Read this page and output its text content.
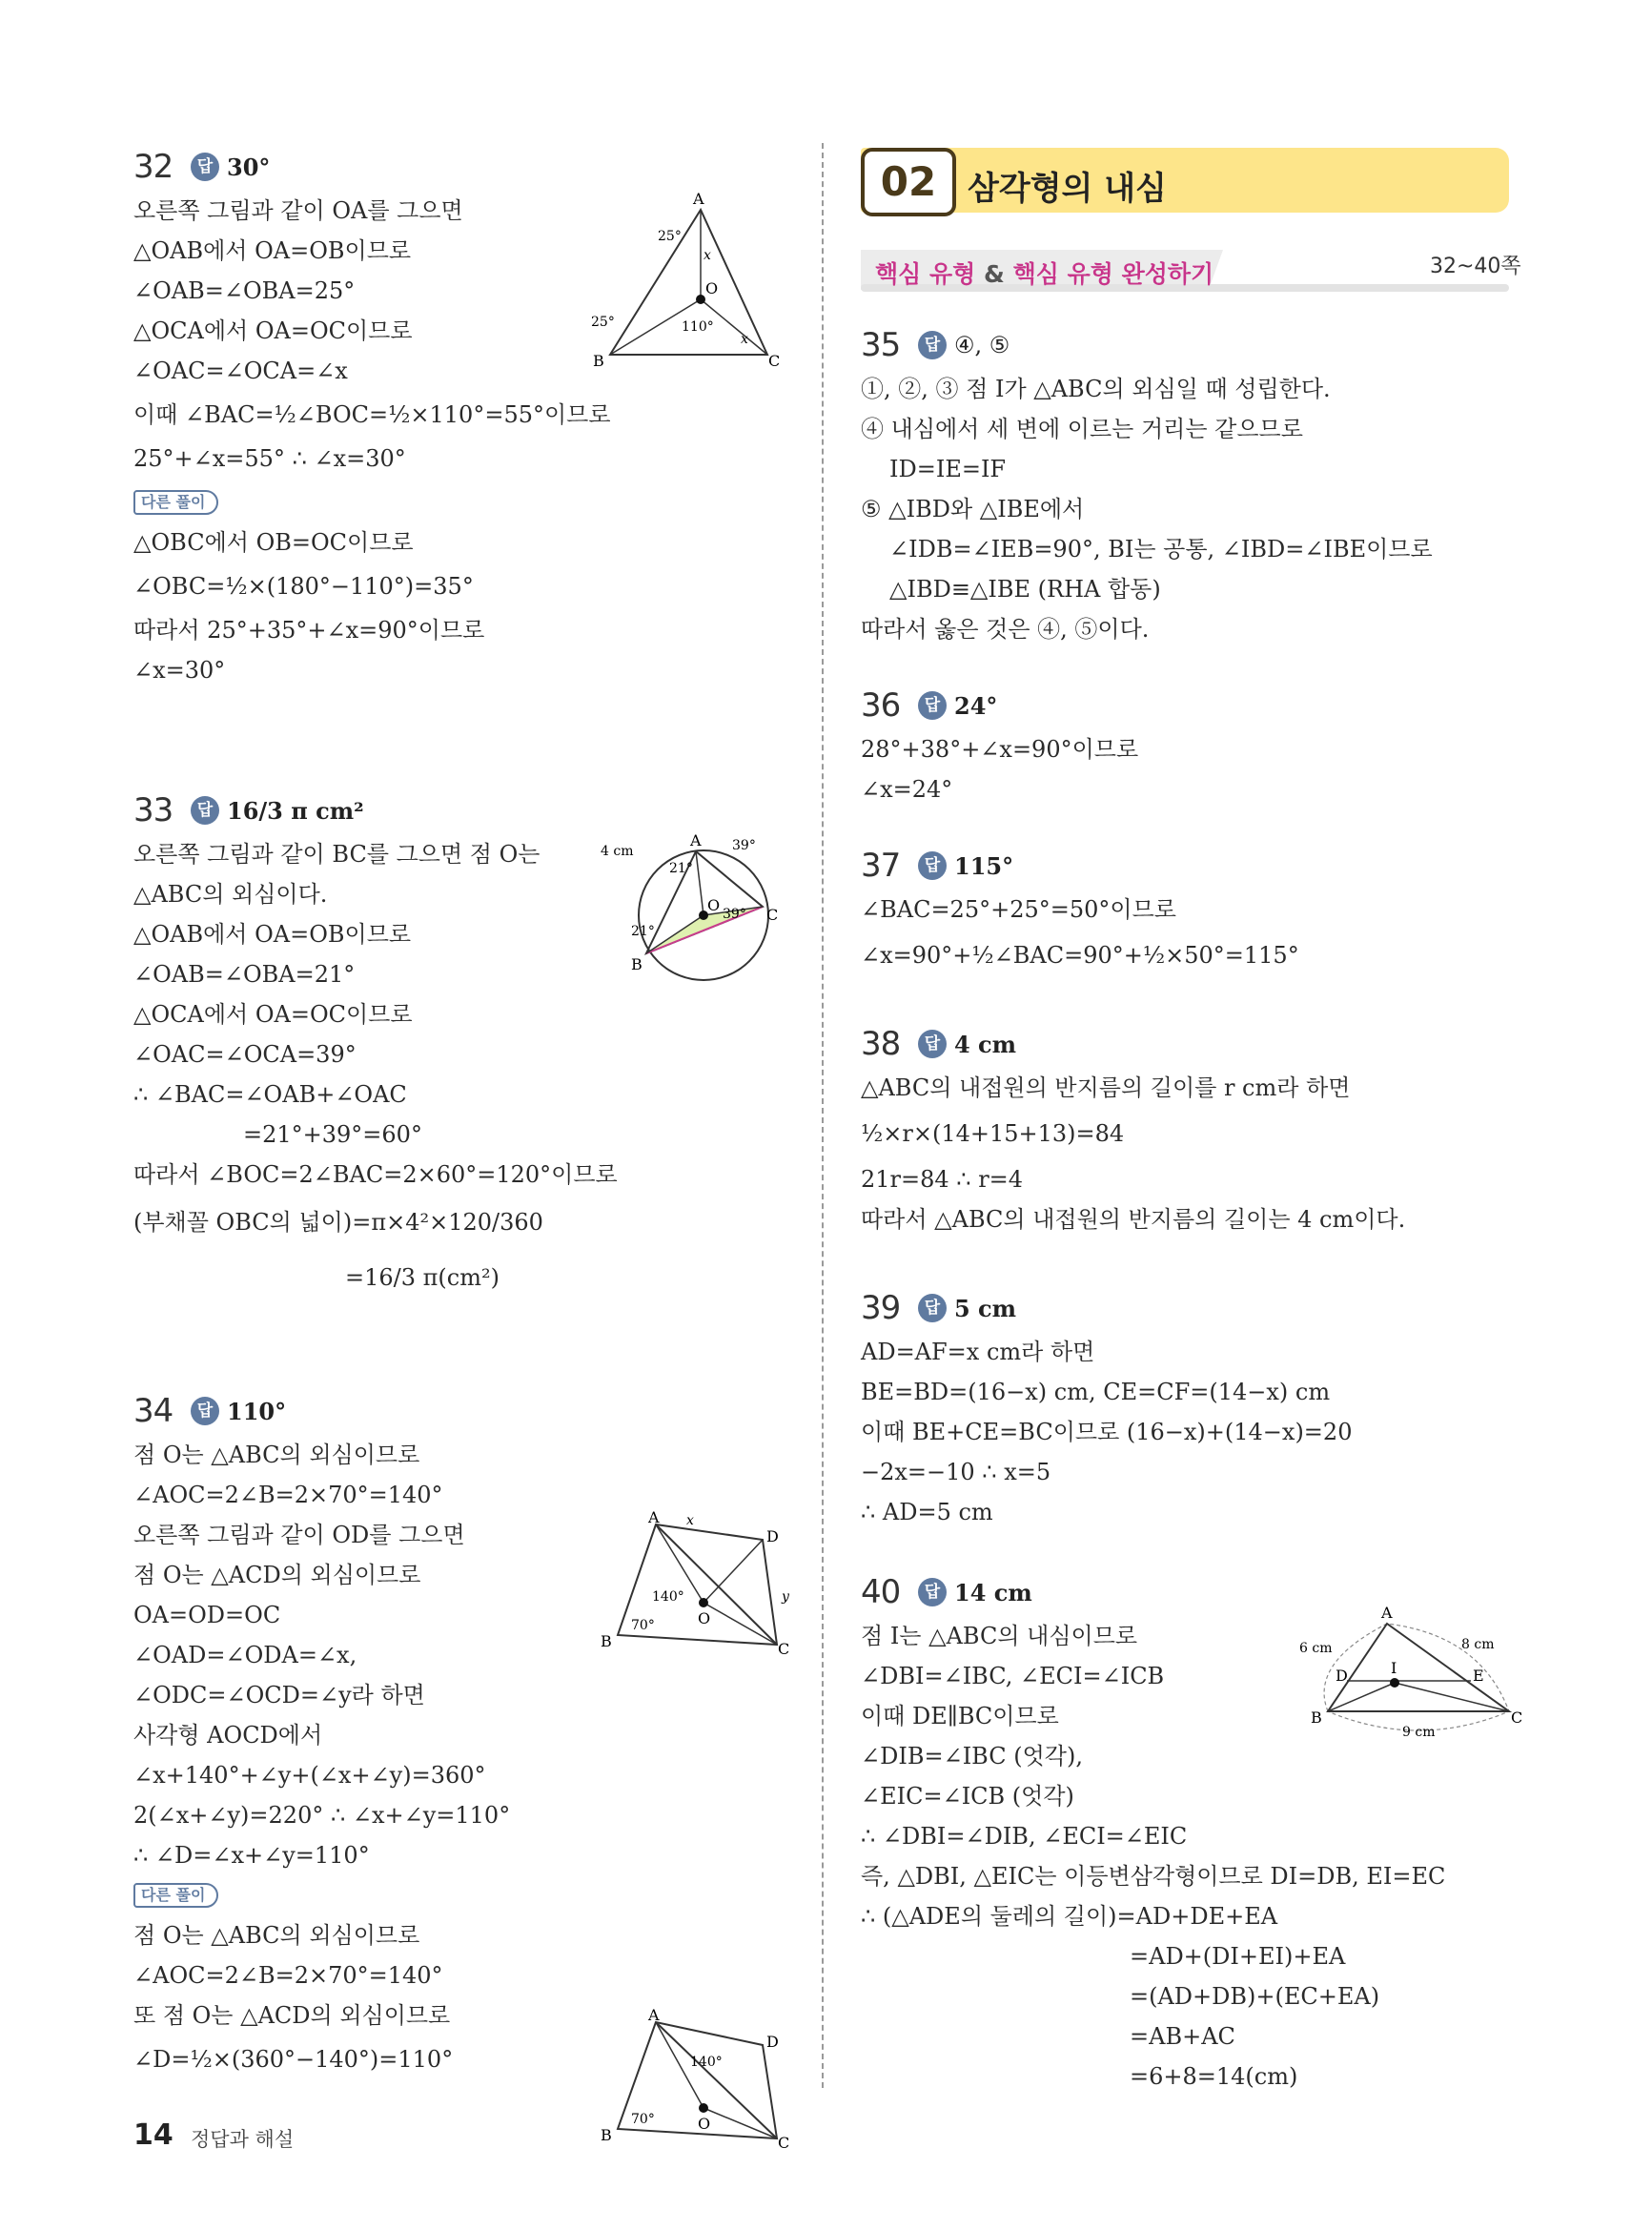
02 삼각형의 내심
핵심 유형 & 핵심 유형 완성하기	32~40쪽
32	답 30°
오른쪽 그림과 같이 OA를 그으면
△OAB에서 OA=OB이므로
∠OAB=∠OBA=25°
△OCA에서 OA=OC이므로
∠OAC=∠OCA=∠x
이때 ∠BAC=½∠BOC=½×110°=55°이므로
25°+∠x=55° ∴ ∠x=30°
다른 풀이
△OBC에서 OB=OC이므로
∠OBC=½×(180°−110°)=35°
따라서 25°+35°+∠x=90°이므로
∠x=30°
A
B	C
O
25°
25°	110°
x
x
33	답 16/3 π cm²
오른쪽 그림과 같이 BC를 그으면 점 O는
△ABC의 외심이다.
△OAB에서 OA=OB이므로
∠OAB=∠OBA=21°
△OCA에서 OA=OC이므로
∠OAC=∠OCA=39°
∴ ∠BAC=∠OAB+∠OAC
=21°+39°=60°
따라서 ∠BOC=2∠BAC=2×60°=120°이므로
(부채꼴 OBC의 넓이)=π×4²×120/360
=16/3 π(cm²)
A
B
C
O
4 cm
21°
21°
39°
39°
34	답 110°
점 O는 △ABC의 외심이므로
∠AOC=2∠B=2×70°=140°
오른쪽 그림과 같이 OD를 그으면
점 O는 △ACD의 외심이므로
OA=OD=OC
∠OAD=∠ODA=∠x,
∠ODC=∠OCD=∠y라 하면
사각형 AOCD에서
∠x+140°+∠y+(∠x+∠y)=360°
2(∠x+∠y)=220° ∴ ∠x+∠y=110°
∴ ∠D=∠x+∠y=110°
다른 풀이
점 O는 △ABC의 외심이므로
∠AOC=2∠B=2×70°=140°
또 점 O는 △ACD의 외심이므로
∠D=½×(360°−140°)=110°
A
B	C
D
O
140°
70°
x
y
A
B	C
D
O
140°
70°
35	답 ④, ⑤
①, ②, ③ 점 I가 △ABC의 외심일 때 성립한다.
④ 내심에서 세 변에 이르는 거리는 같으므로
ID=IE=IF
⑤ △IBD와 △IBE에서
∠IDB=∠IEB=90°, BI는 공통, ∠IBD=∠IBE이므로
△IBD≡△IBE (RHA 합동)
따라서 옳은 것은 ④, ⑤이다.
36	답 24°
28°+38°+∠x=90°이므로
∠x=24°
37	답 115°
∠BAC=25°+25°=50°이므로
∠x=90°+½∠BAC=90°+½×50°=115°
38	답 4 cm
△ABC의 내접원의 반지름의 길이를 r cm라 하면
½×r×(14+15+13)=84
21r=84 ∴ r=4
따라서 △ABC의 내접원의 반지름의 길이는 4 cm이다.
39	답 5 cm
AD=AF=x cm라 하면
BE=BD=(16−x) cm, CE=CF=(14−x) cm
이때 BE+CE=BC이므로 (16−x)+(14−x)=20
−2x=−10 ∴ x=5
∴ AD=5 cm
40	답 14 cm
점 I는 △ABC의 내심이므로
∠DBI=∠IBC, ∠ECI=∠ICB
이때 DE∥BC이므로
∠DIB=∠IBC (엇각),
∠EIC=∠ICB (엇각)
∴ ∠DBI=∠DIB, ∠ECI=∠EIC
즉, △DBI, △EIC는 이등변삼각형이므로 DI=DB, EI=EC
∴ (△ADE의 둘레의 길이)=AD+DE+EA
=AD+(DI+EI)+EA
=(AD+DB)+(EC+EA)
=AB+AC
=6+8=14(cm)
A
B	C
D	E
I
6 cm	8 cm
9 cm
14 정답과 해설
